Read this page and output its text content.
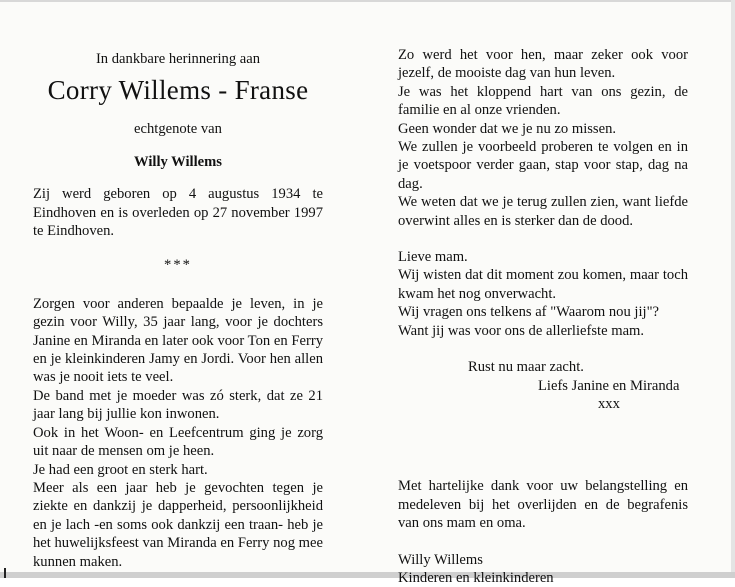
In dankbare herinnering aan
Corry Willems - Franse
echtgenote van
Willy Willems
Zij werd geboren op 4 augustus 1934 te Eindhoven en is overleden op 27 november 1997 te Eindhoven.
***
Zorgen voor anderen bepaalde je leven, in je gezin voor Willy, 35 jaar lang, voor je dochters Janine en Miranda en later ook voor Ton en Ferry en je kleinkinderen Jamy en Jordi. Voor hen allen was je nooit iets te veel.
De band met je moeder was zó sterk, dat ze 21 jaar lang bij jullie kon inwonen.
Ook in het Woon- en Leefcentrum ging je zorg uit naar de mensen om je heen.
Je had een groot en sterk hart.
Meer als een jaar heb je gevochten tegen je ziekte en dankzij je dapperheid, persoonlijkheid en je lach -en soms ook dankzij een traan- heb je het huwelijksfeest van Miranda en Ferry nog mee kunnen maken.
Zo werd het voor hen, maar zeker ook voor jezelf, de mooiste dag van hun leven.
Je was het kloppend hart van ons gezin, de familie en al onze vrienden.
Geen wonder dat we je nu zo missen.
We zullen je voorbeeld proberen te volgen en in je voetspoor verder gaan, stap voor stap, dag na dag.
We weten dat we je terug zullen zien, want liefde overwint alles en is sterker dan de dood.
Lieve mam.
Wij wisten dat dit moment zou komen, maar toch kwam het nog onverwacht.
Wij vragen ons telkens af "Waarom nou jij"?
Want jij was voor ons de allerliefste mam.
Rust nu maar zacht.
Liefs Janine en Miranda
xxx
Met hartelijke dank voor uw belangstelling en medeleven bij het overlijden en de begrafenis van ons mam en oma.
Willy Willems
Kinderen en kleinkinderen
